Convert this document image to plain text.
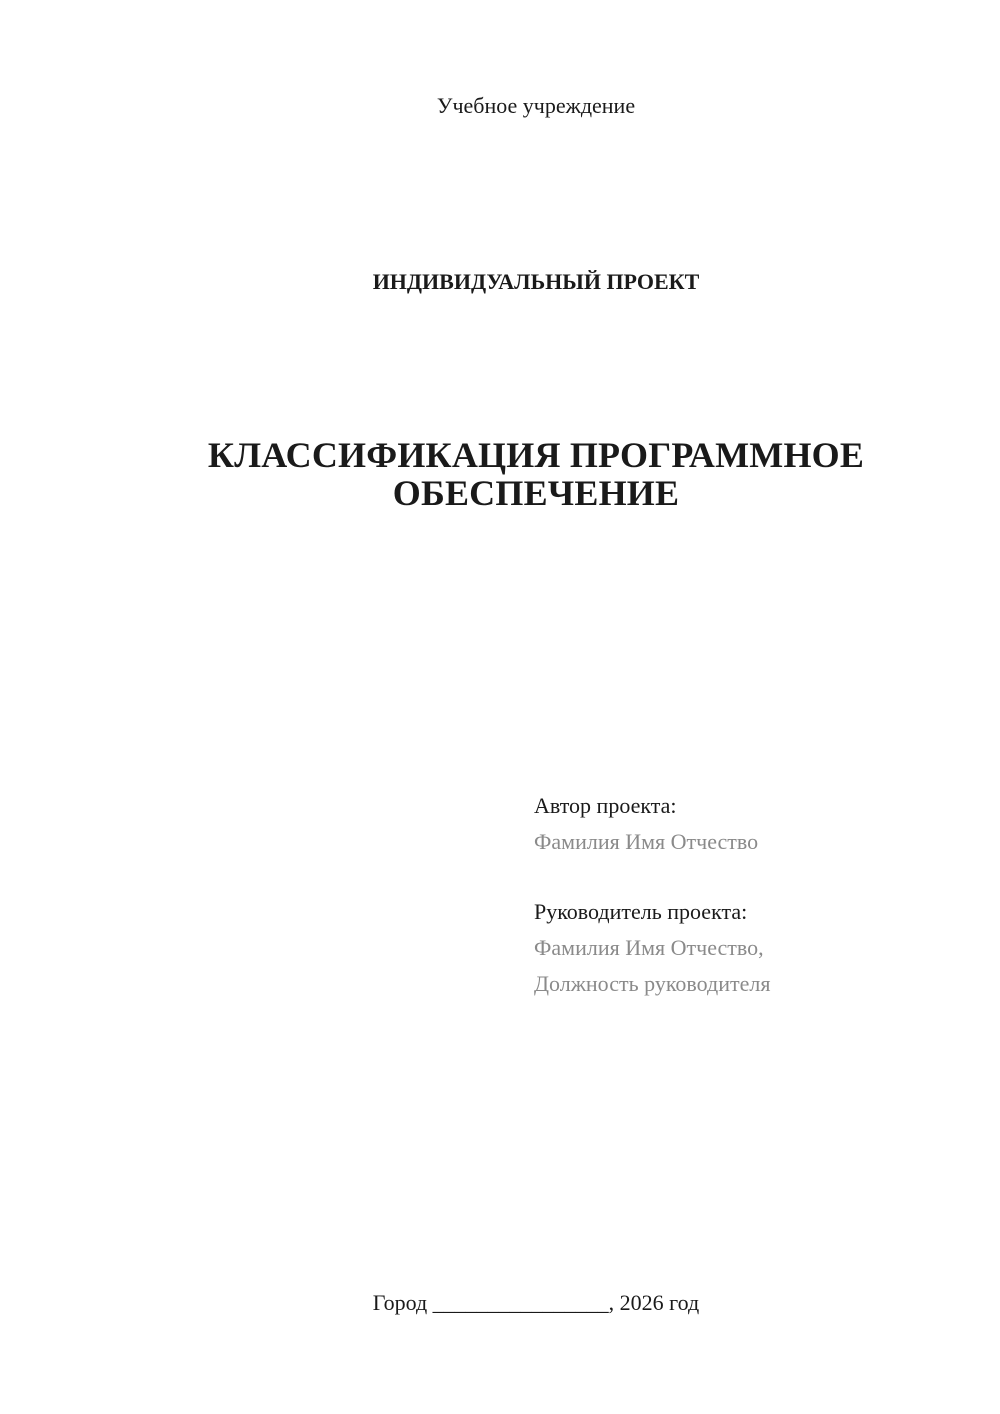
Учебное учреждение
ИНДИВИДУАЛЬНЫЙ ПРОЕКТ
КЛАССИФИКАЦИЯ ПРОГРАММНОЕ
ОБЕСПЕЧЕНИЕ
Автор проекта:
Фамилия Имя Отчество
Руководитель проекта:
Фамилия Имя Отчество,
Должность руководителя
Город ________________, 2026 год
